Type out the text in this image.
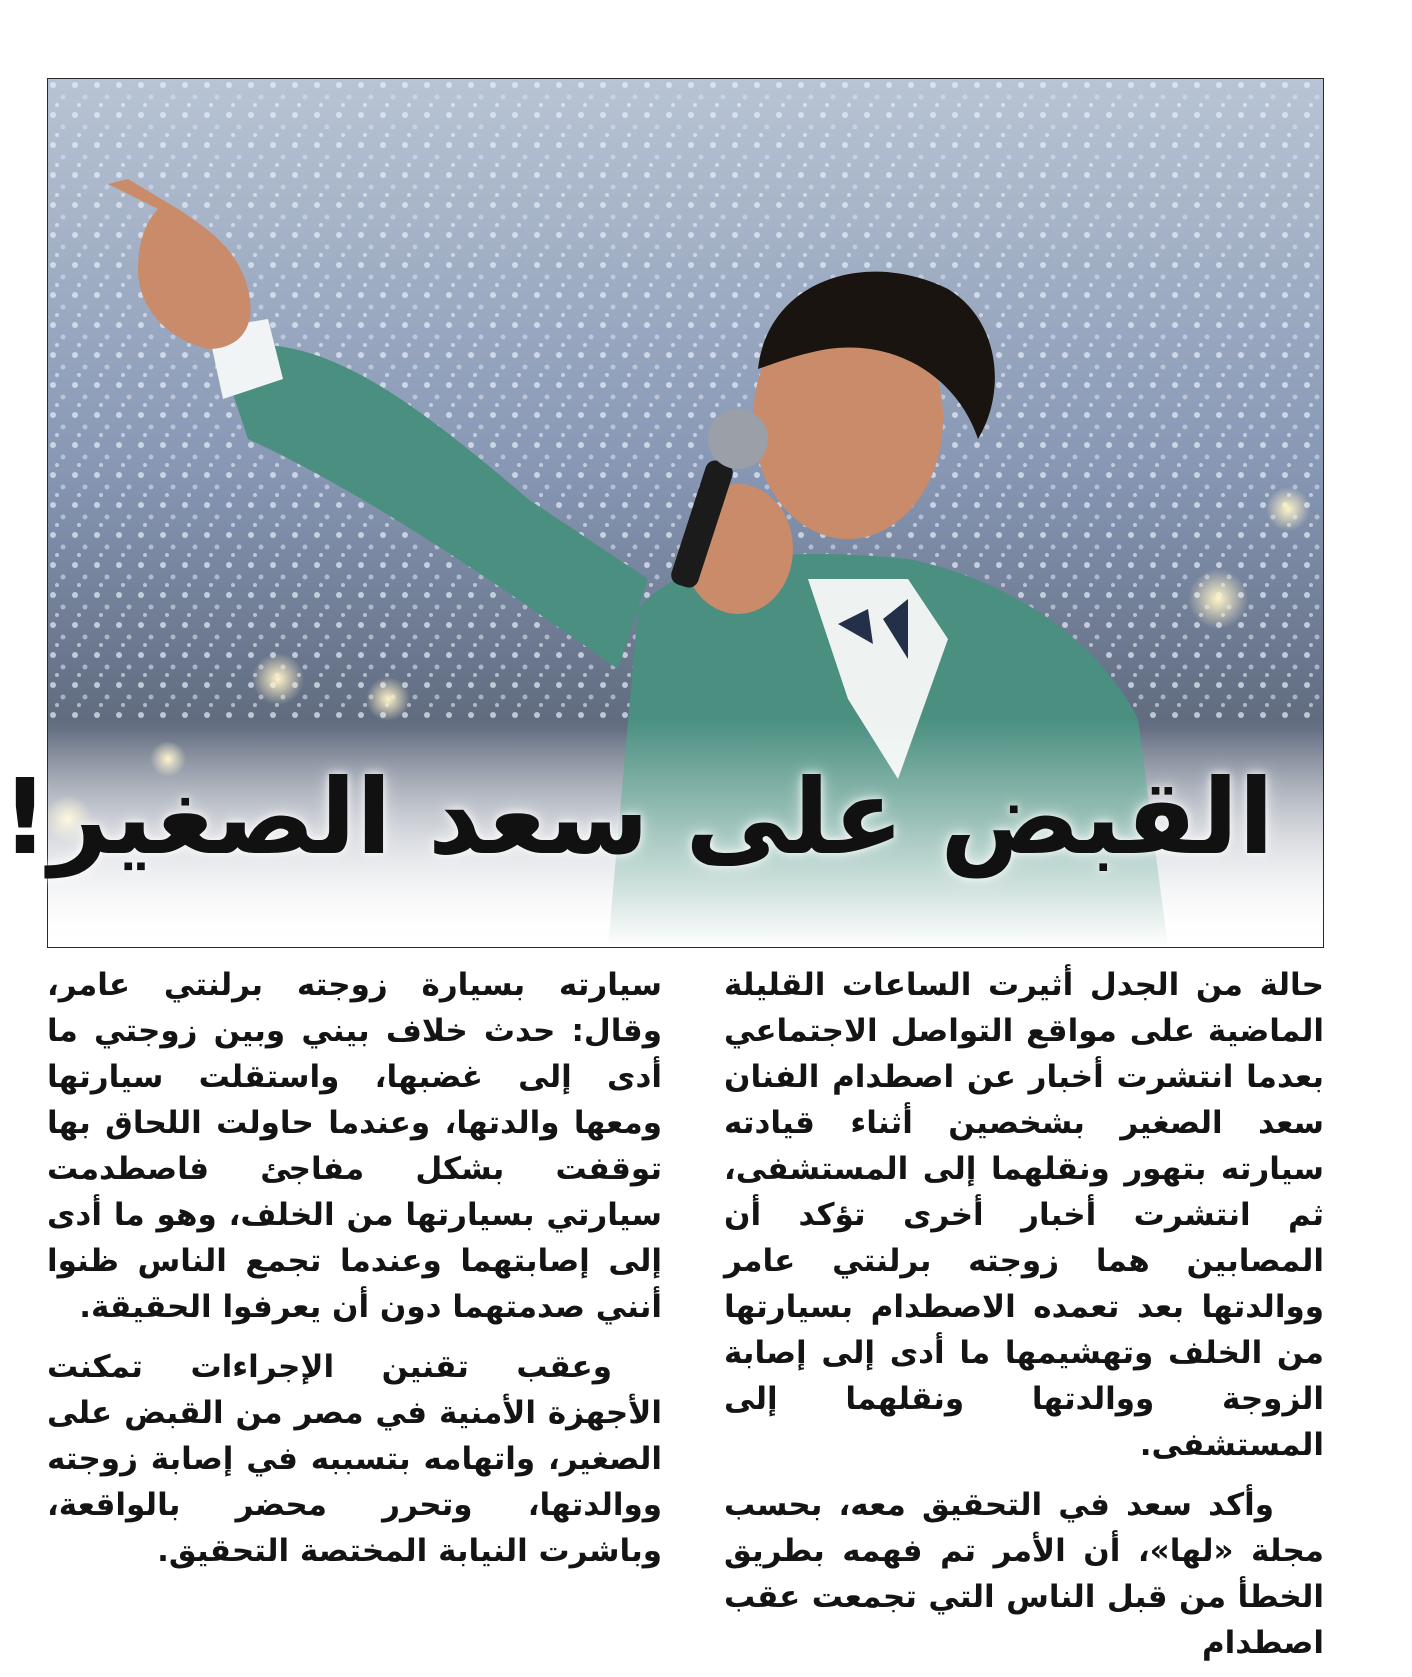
القبض على سعد الصغير!

حالة من الجدل أثيرت الساعات القليلة الماضية على مواقع التواصل الاجتماعي بعدما انتشرت أخبار عن اصطدام الفنان سعد الصغير بشخصين أثناء قيادته سيارته بتهور ونقلهما إلى المستشفى، ثم انتشرت أخبار أخرى تؤكد أن المصابين هما زوجته برلنتي عامر ووالدتها بعد تعمده الاصطدام بسيارتها من الخلف وتهشيمها ما أدى إلى إصابة الزوجة ووالدتها ونقلهما إلى المستشفى.

وأكد سعد في التحقيق معه، بحسب مجلة «لها»، أن الأمر تم فهمه بطريق الخطأ من قبل الناس التي تجمعت عقب اصطدام

سيارته بسيارة زوجته برلنتي عامر، وقال: حدث خلاف بيني وبين زوجتي ما أدى إلى غضبها، واستقلت سيارتها ومعها والدتها، وعندما حاولت اللحاق بها توقفت بشكل مفاجئ فاصطدمت سيارتي بسيارتها من الخلف، وهو ما أدى إلى إصابتهما وعندما تجمع الناس ظنوا أنني صدمتهما دون أن يعرفوا الحقيقة.

وعقب تقنين الإجراءات تمكنت الأجهزة الأمنية في مصر من القبض على الصغير، واتهامه بتسببه في إصابة زوجته ووالدتها، وتحرر محضر بالواقعة، وباشرت النيابة المختصة التحقيق.
